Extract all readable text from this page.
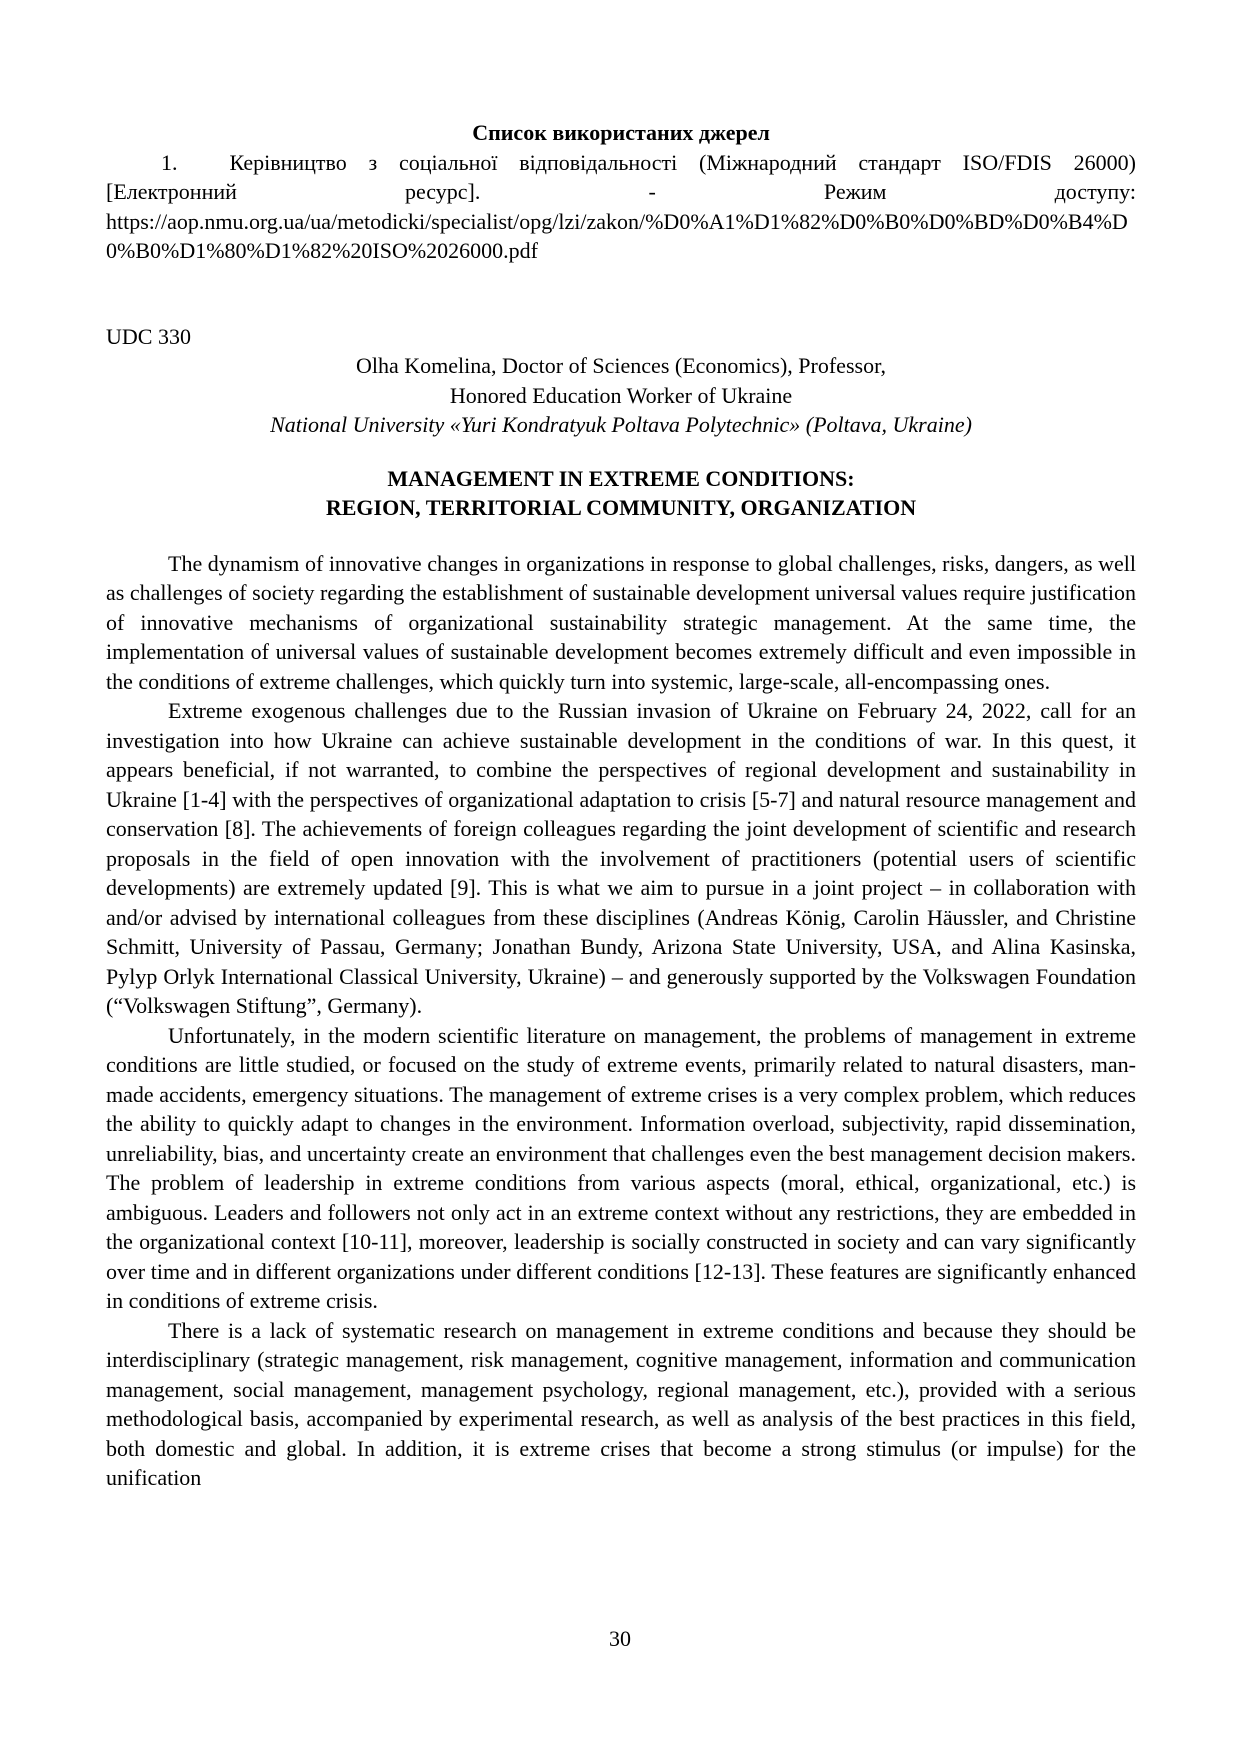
Список використаних джерел

1. Керівництво з соціальної відповідальності (Міжнародний стандарт ISO/FDIS 26000) [Електронний ресурс]. - Режим доступу: https://aop.nmu.org.ua/ua/metodicki/specialist/opg/lzi/zakon/%D0%A1%D1%82%D0%B0%D0%BD%D0%B4%D0%B0%D1%80%D1%82%20ISO%2026000.pdf

UDC 330

Olha Komelina, Doctor of Sciences (Economics), Professor,

Honored Education Worker of Ukraine

National University «Yuri Kondratyuk Poltava Polytechnic» (Poltava, Ukraine)

MANAGEMENT IN EXTREME CONDITIONS:

REGION, TERRITORIAL COMMUNITY, ORGANIZATION

The dynamism of innovative changes in organizations in response to global challenges, risks, dangers, as well as challenges of society regarding the establishment of sustainable development universal values require justification of innovative mechanisms of organizational sustainability strategic management. At the same time, the implementation of universal values of sustainable development becomes extremely difficult and even impossible in the conditions of extreme challenges, which quickly turn into systemic, large-scale, all-encompassing ones.

Extreme exogenous challenges due to the Russian invasion of Ukraine on February 24, 2022, call for an investigation into how Ukraine can achieve sustainable development in the conditions of war. In this quest, it appears beneficial, if not warranted, to combine the perspectives of regional development and sustainability in Ukraine [1-4] with the perspectives of organizational adaptation to crisis [5-7] and natural resource management and conservation [8]. The achievements of foreign colleagues regarding the joint development of scientific and research proposals in the field of open innovation with the involvement of practitioners (potential users of scientific developments) are extremely updated [9]. This is what we aim to pursue in a joint project – in collaboration with and/or advised by international colleagues from these disciplines (Andreas König, Carolin Häussler, and Christine Schmitt, University of Passau, Germany; Jonathan Bundy, Arizona State University, USA, and Alina Kasinska, Pylyp Orlyk International Classical University, Ukraine) – and generously supported by the Volkswagen Foundation (“Volkswagen Stiftung”, Germany).

Unfortunately, in the modern scientific literature on management, the problems of management in extreme conditions are little studied, or focused on the study of extreme events, primarily related to natural disasters, man-made accidents, emergency situations. The management of extreme crises is a very complex problem, which reduces the ability to quickly adapt to changes in the environment. Information overload, subjectivity, rapid dissemination, unreliability, bias, and uncertainty create an environment that challenges even the best management decision makers. The problem of leadership in extreme conditions from various aspects (moral, ethical, organizational, etc.) is ambiguous. Leaders and followers not only act in an extreme context without any restrictions, they are embedded in the organizational context [10-11], moreover, leadership is socially constructed in society and can vary significantly over time and in different organizations under different conditions [12-13]. These features are significantly enhanced in conditions of extreme crisis.

There is a lack of systematic research on management in extreme conditions and because they should be interdisciplinary (strategic management, risk management, cognitive management, information and communication management, social management, management psychology, regional management, etc.), provided with a serious methodological basis, accompanied by experimental research, as well as analysis of the best practices in this field, both domestic and global. In addition, it is extreme crises that become a strong stimulus (or impulse) for the unification

30
